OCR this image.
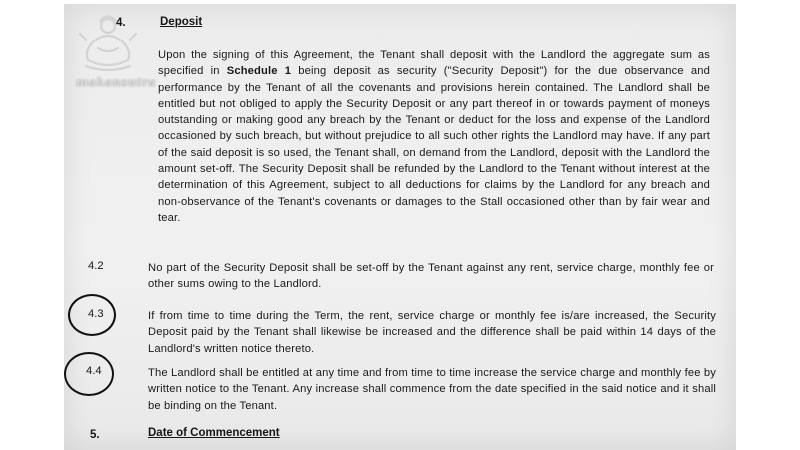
makansutra
4.	Deposit
Upon the signing of this Agreement, the Tenant shall deposit with the Landlord the aggregate sum as specified in Schedule 1 being deposit as security ("Security Deposit") for the due observance and performance by the Tenant of all the covenants and provisions herein contained. The Landlord shall be entitled but not obliged to apply the Security Deposit or any part thereof in or towards payment of moneys outstanding or making good any breach by the Tenant or deduct for the loss and expense of the Landlord occasioned by such breach, but without prejudice to all such other rights the Landlord may have. If any part of the said deposit is so used, the Tenant shall, on demand from the Landlord, deposit with the Landlord the amount set-off. The Security Deposit shall be refunded by the Landlord to the Tenant without interest at the determination of this Agreement, subject to all deductions for claims by the Landlord for any breach and non-observance of the Tenant's covenants or damages to the Stall occasioned other than by fair wear and tear.
4.2	No part of the Security Deposit shall be set-off by the Tenant against any rent, service charge, monthly fee or other sums owing to the Landlord.
4.3	If from time to time during the Term, the rent, service charge or monthly fee is/are increased, the Security Deposit paid by the Tenant shall likewise be increased and the difference shall be paid within 14 days of the Landlord's written notice thereto.
4.4	The Landlord shall be entitled at any time and from time to time increase the service charge and monthly fee by written notice to the Tenant. Any increase shall commence from the date specified in the said notice and it shall be binding on the Tenant.
5.	Date of Commencement
